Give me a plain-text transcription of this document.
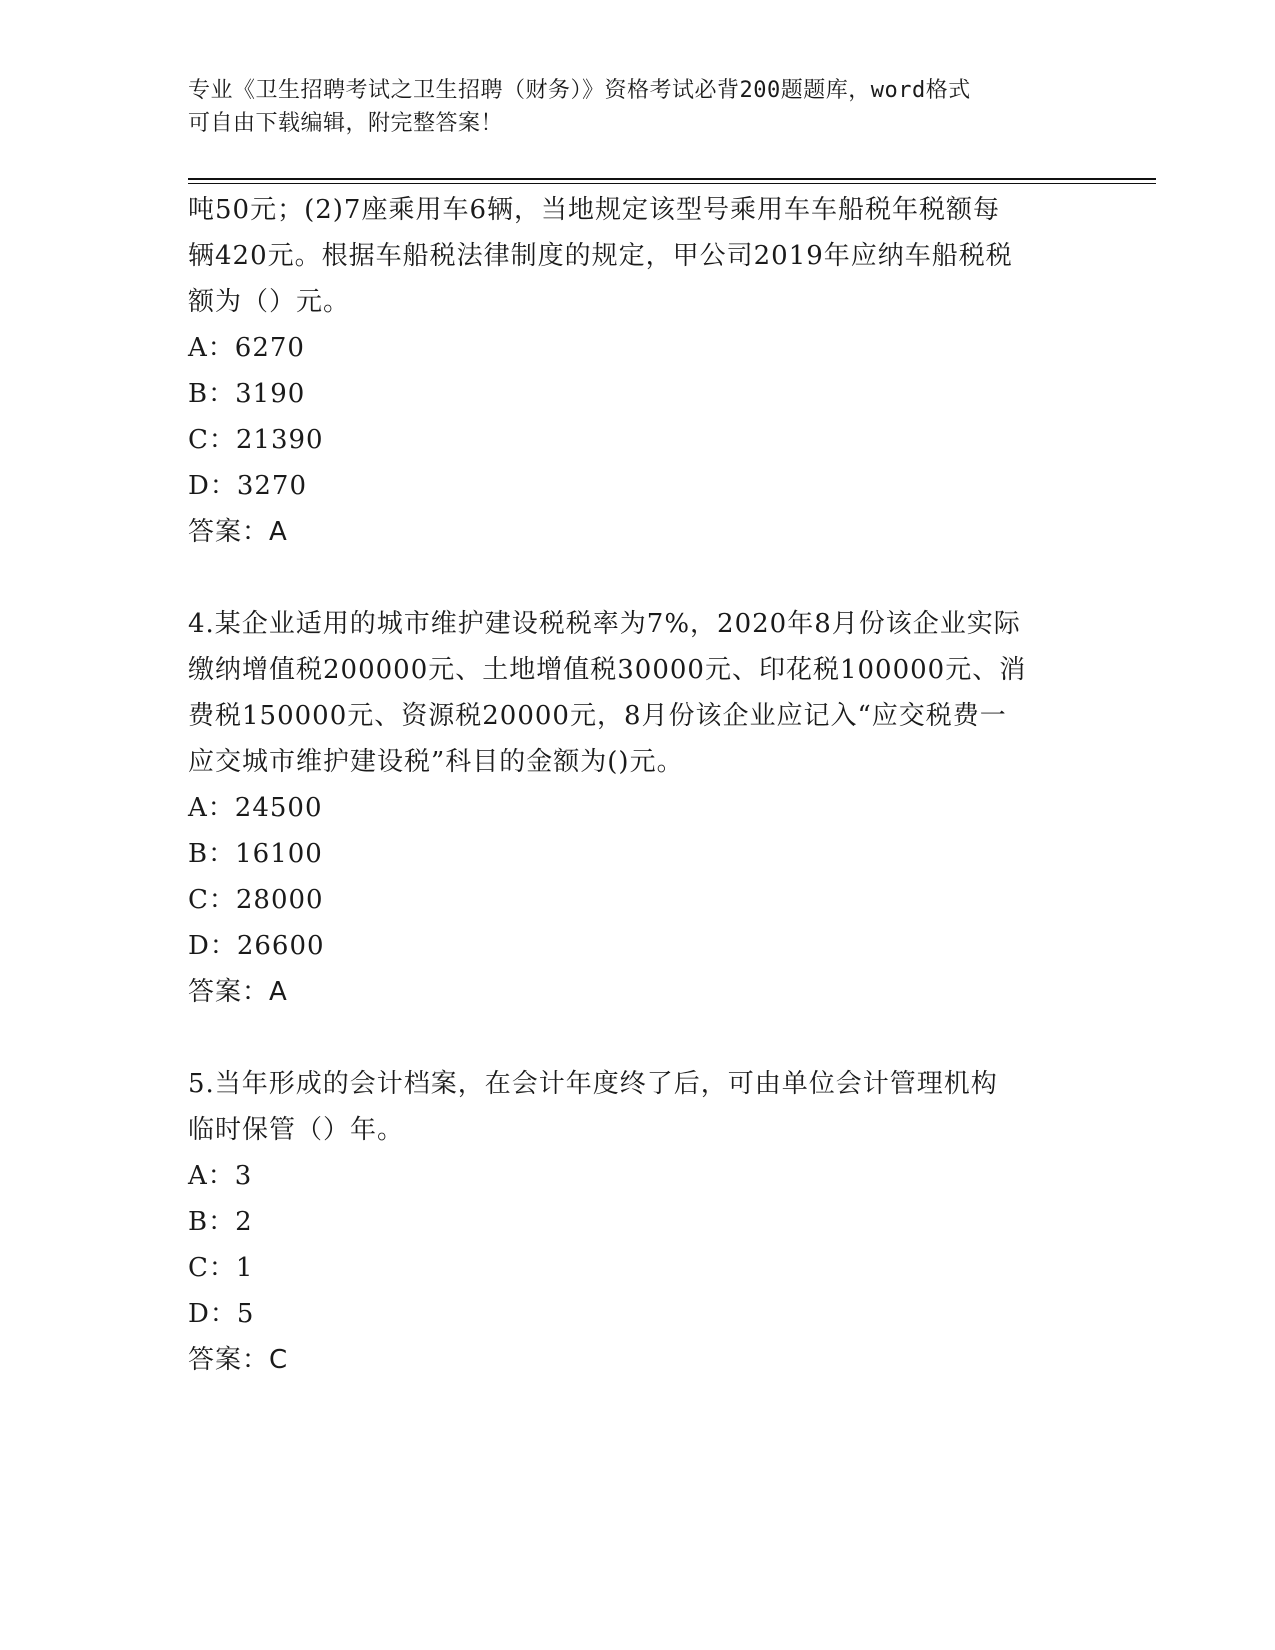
专业《卫生招聘考试之卫生招聘（财务）》资格考试必背200题题库，word格式
可自由下载编辑，附完整答案！

吨50元；(2)7座乘用车6辆，当地规定该型号乘用车车船税年税额每

辆420元。根据车船税法律制度的规定，甲公司2019年应纳车船税税

额为（）元。

A：6270

B：3190

C：21390

D：3270

答案：A

4.某企业适用的城市维护建设税税率为7%，2020年8月份该企业实际

缴纳增值税200000元、土地增值税30000元、印花税100000元、消

费税150000元、资源税20000元，8月份该企业应记入“应交税费一

应交城市维护建设税”科目的金额为()元。

A：24500

B：16100

C：28000

D：26600

答案：A

5.当年形成的会计档案，在会计年度终了后，可由单位会计管理机构

临时保管（）年。

A：3

B：2

C：1

D：5

答案：C
